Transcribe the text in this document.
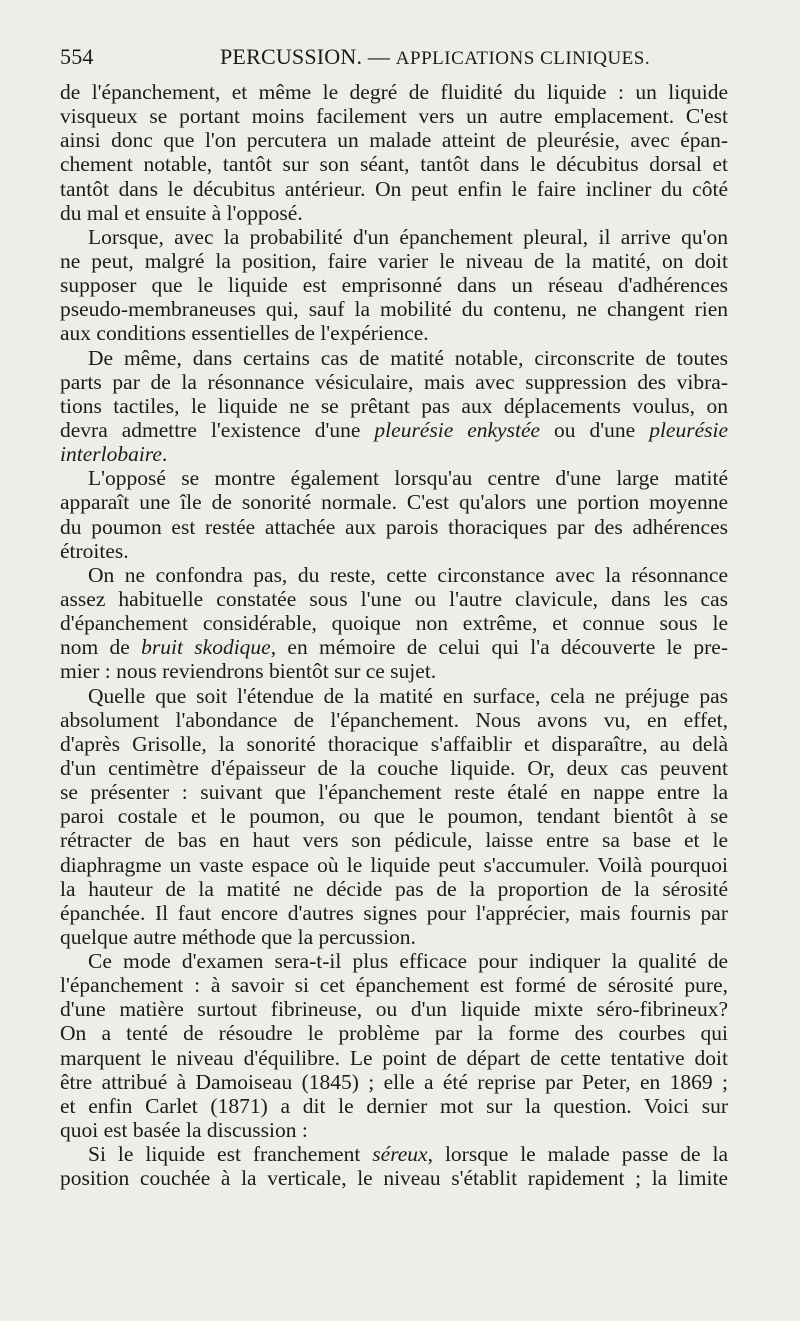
554	PERCUSSION. — APPLICATIONS CLINIQUES.
de l'épanchement, et même le degré de fluidité du liquide : un liquide
visqueux se portant moins facilement vers un autre emplacement. C'est
ainsi donc que l'on percutera un malade atteint de pleurésie, avec épan-
chement notable, tantôt sur son séant, tantôt dans le décubitus dorsal et
tantôt dans le décubitus antérieur. On peut enfin le faire incliner du côté
du mal et ensuite à l'opposé.
Lorsque, avec la probabilité d'un épanchement pleural, il arrive qu'on
ne peut, malgré la position, faire varier le niveau de la matité, on doit
supposer que le liquide est emprisonné dans un réseau d'adhérences
pseudo-membraneuses qui, sauf la mobilité du contenu, ne changent rien
aux conditions essentielles de l'expérience.
De même, dans certains cas de matité notable, circonscrite de toutes
parts par de la résonnance vésiculaire, mais avec suppression des vibra-
tions tactiles, le liquide ne se prêtant pas aux déplacements voulus, on
devra admettre l'existence d'une pleurésie enkystée ou d'une pleurésie
interlobaire.
L'opposé se montre également lorsqu'au centre d'une large matité
apparaît une île de sonorité normale. C'est qu'alors une portion moyenne
du poumon est restée attachée aux parois thoraciques par des adhérences
étroites.
On ne confondra pas, du reste, cette circonstance avec la résonnance
assez habituelle constatée sous l'une ou l'autre clavicule, dans les cas
d'épanchement considérable, quoique non extrême, et connue sous le
nom de bruit skodique, en mémoire de celui qui l'a découverte le pre-
mier : nous reviendrons bientôt sur ce sujet.
Quelle que soit l'étendue de la matité en surface, cela ne préjuge pas
absolument l'abondance de l'épanchement. Nous avons vu, en effet,
d'après Grisolle, la sonorité thoracique s'affaiblir et disparaître, au delà
d'un centimètre d'épaisseur de la couche liquide. Or, deux cas peuvent
se présenter : suivant que l'épanchement reste étalé en nappe entre la
paroi costale et le poumon, ou que le poumon, tendant bientôt à se
rétracter de bas en haut vers son pédicule, laisse entre sa base et le
diaphragme un vaste espace où le liquide peut s'accumuler. Voilà pourquoi
la hauteur de la matité ne décide pas de la proportion de la sérosité
épanchée. Il faut encore d'autres signes pour l'apprécier, mais fournis par
quelque autre méthode que la percussion.
Ce mode d'examen sera-t-il plus efficace pour indiquer la qualité de
l'épanchement : à savoir si cet épanchement est formé de sérosité pure,
d'une matière surtout fibrineuse, ou d'un liquide mixte séro-fibrineux?
On a tenté de résoudre le problème par la forme des courbes qui
marquent le niveau d'équilibre. Le point de départ de cette tentative doit
être attribué à Damoiseau (1845) ; elle a été reprise par Peter, en 1869 ;
et enfin Carlet (1871) a dit le dernier mot sur la question. Voici sur
quoi est basée la discussion :
Si le liquide est franchement séreux, lorsque le malade passe de la
position couchée à la verticale, le niveau s'établit rapidement ; la limite
